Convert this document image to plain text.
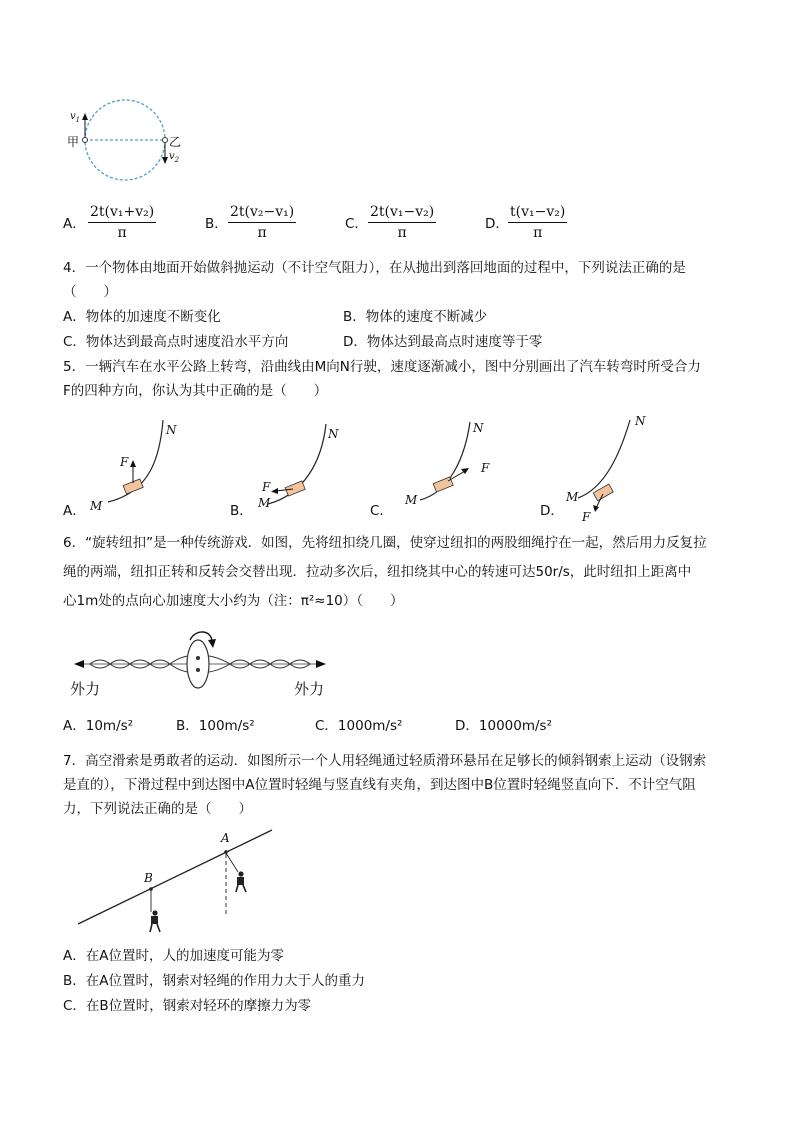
$v_1$
甲	乙
$v_2$
A． $\frac{\text{2t(v₁+v₂)}}{\pi}$	B． $\frac{\text{2t(v₂−v₁)}}{\pi}$	C． $\frac{\text{2t(v₁−v₂)}}{\pi}$	D． $\frac{\text{t(v₁−v₂)}}{\pi}$
4．一个物体由地面开始做斜抛运动（不计空气阻力），在从抛出到落回地面的过程中，下列说法正确的是
（　　）
A．物体的加速度不断变化	B．物体的速度不断减少
C．物体达到最高点时速度沿水平方向	D．物体达到最高点时速度等于零
5．一辆汽车在水平公路上转弯，沿曲线由M向N行驶，速度逐渐减小，图中分别画出了汽车转弯时所受合力
F的四种方向，你认为其中正确的是（　　）
N
F
M
N
F
M
N
F
M
N
F
M
A．	B．	C．	D．
6．“旋转纽扣”是一种传统游戏．如图，先将纽扣绕几圈，使穿过纽扣的两股细绳拧在一起，然后用力反复拉
绳的两端，纽扣正转和反转会交替出现．拉动多次后，纽扣绕其中心的转速可达50r/s，此时纽扣上距离中
心1m处的点向心加速度大小约为（注：π²≈10）（　　）
外力	外力
A．10m/s²	B．100m/s²	C．1000m/s²	D．10000m/s²
7．高空滑索是勇敢者的运动．如图所示一个人用轻绳通过轻质滑环悬吊在足够长的倾斜钢索上运动（设钢索
是直的），下滑过程中到达图中A位置时轻绳与竖直线有夹角，到达图中B位置时轻绳竖直向下．不计空气阻
力，下列说法正确的是（　　）
A
B
A．在A位置时，人的加速度可能为零
B．在A位置时，钢索对轻绳的作用力大于人的重力
C．在B位置时，钢索对轻环的摩擦力为零
